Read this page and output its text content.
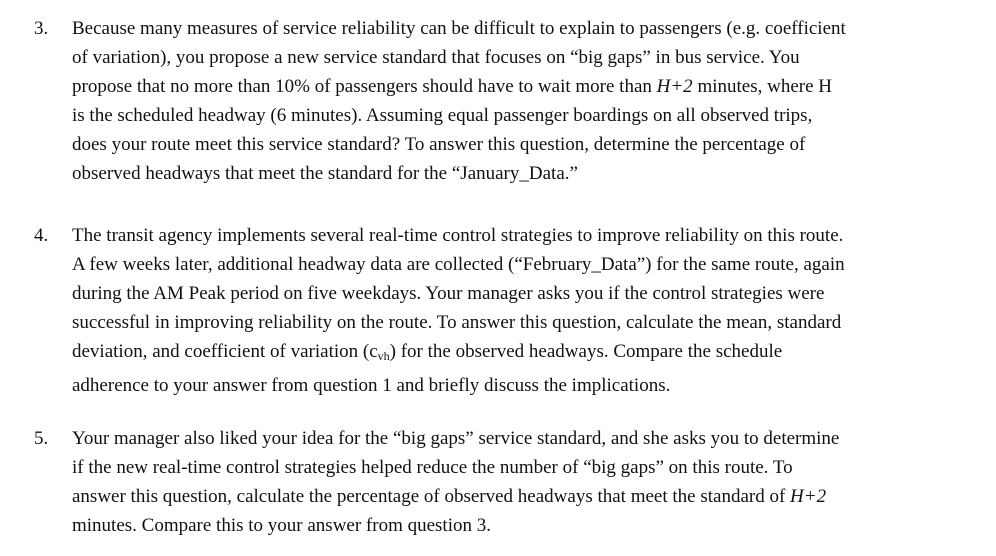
3.	Because many measures of service reliability can be difficult to explain to passengers (e.g. coefficient
of variation), you propose a new service standard that focuses on “big gaps” in bus service. You
propose that no more than 10% of passengers should have to wait more than H+2 minutes, where H
is the scheduled headway (6 minutes). Assuming equal passenger boardings on all observed trips,
does your route meet this service standard? To answer this question, determine the percentage of
observed headways that meet the standard for the “January_Data.”
4.	The transit agency implements several real-time control strategies to improve reliability on this route.
A few weeks later, additional headway data are collected (“February_Data”) for the same route, again
during the AM Peak period on five weekdays. Your manager asks you if the control strategies were
successful in improving reliability on the route. To answer this question, calculate the mean, standard
deviation, and coefficient of variation $(c_{vh})$ for the observed headways. Compare the schedule
adherence to your answer from question 1 and briefly discuss the implications.
5.	Your manager also liked your idea for the “big gaps” service standard, and she asks you to determine
if the new real-time control strategies helped reduce the number of “big gaps” on this route. To
answer this question, calculate the percentage of observed headways that meet the standard of H+2
minutes. Compare this to your answer from question 3.
